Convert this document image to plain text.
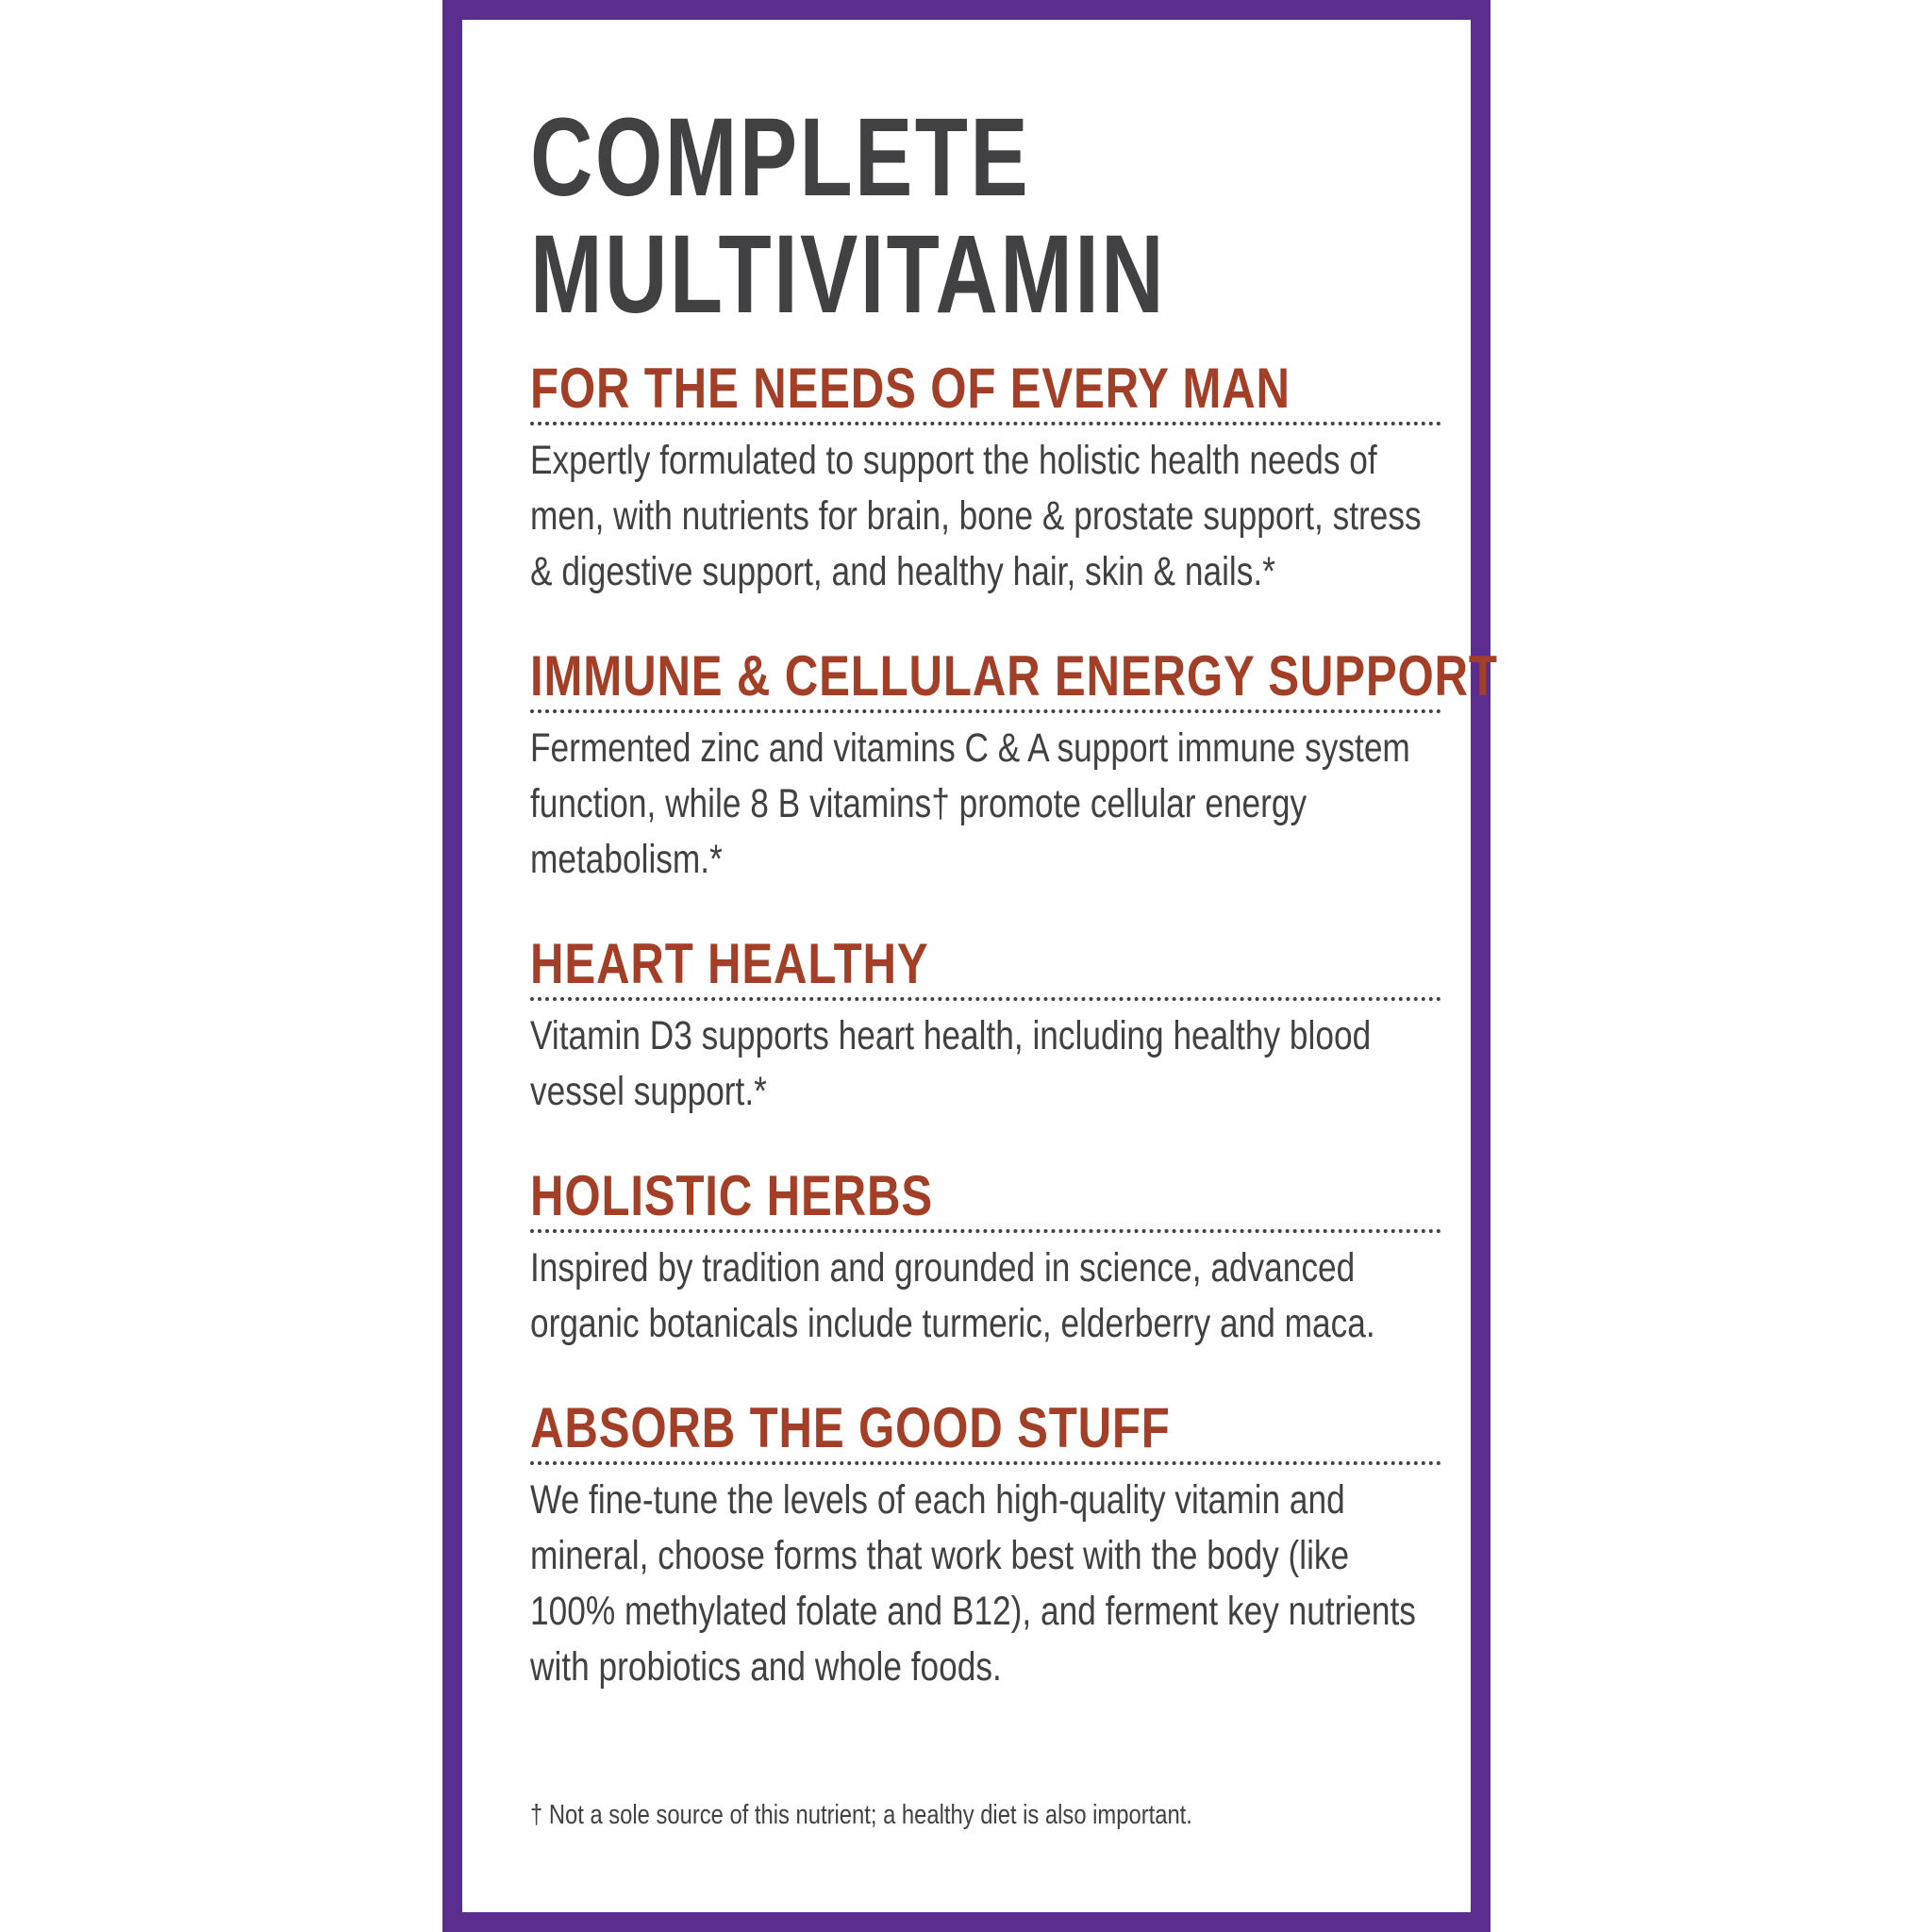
COMPLETE
MULTIVITAMIN
FOR THE NEEDS OF EVERY MAN
Expertly formulated to support the holistic health needs of men, with nutrients for brain, bone & prostate support, stress & digestive support, and healthy hair, skin & nails.*
IMMUNE & CELLULAR ENERGY SUPPORT
Fermented zinc and vitamins C & A support immune system function, while 8 B vitamins† promote cellular energy metabolism.*
HEART HEALTHY
Vitamin D3 supports heart health, including healthy blood vessel support.*
HOLISTIC HERBS
Inspired by tradition and grounded in science, advanced organic botanicals include turmeric, elderberry and maca.
ABSORB THE GOOD STUFF
We fine-tune the levels of each high-quality vitamin and mineral, choose forms that work best with the body (like 100% methylated folate and B12), and ferment key nutrients with probiotics and whole foods.
† Not a sole source of this nutrient; a healthy diet is also important.
